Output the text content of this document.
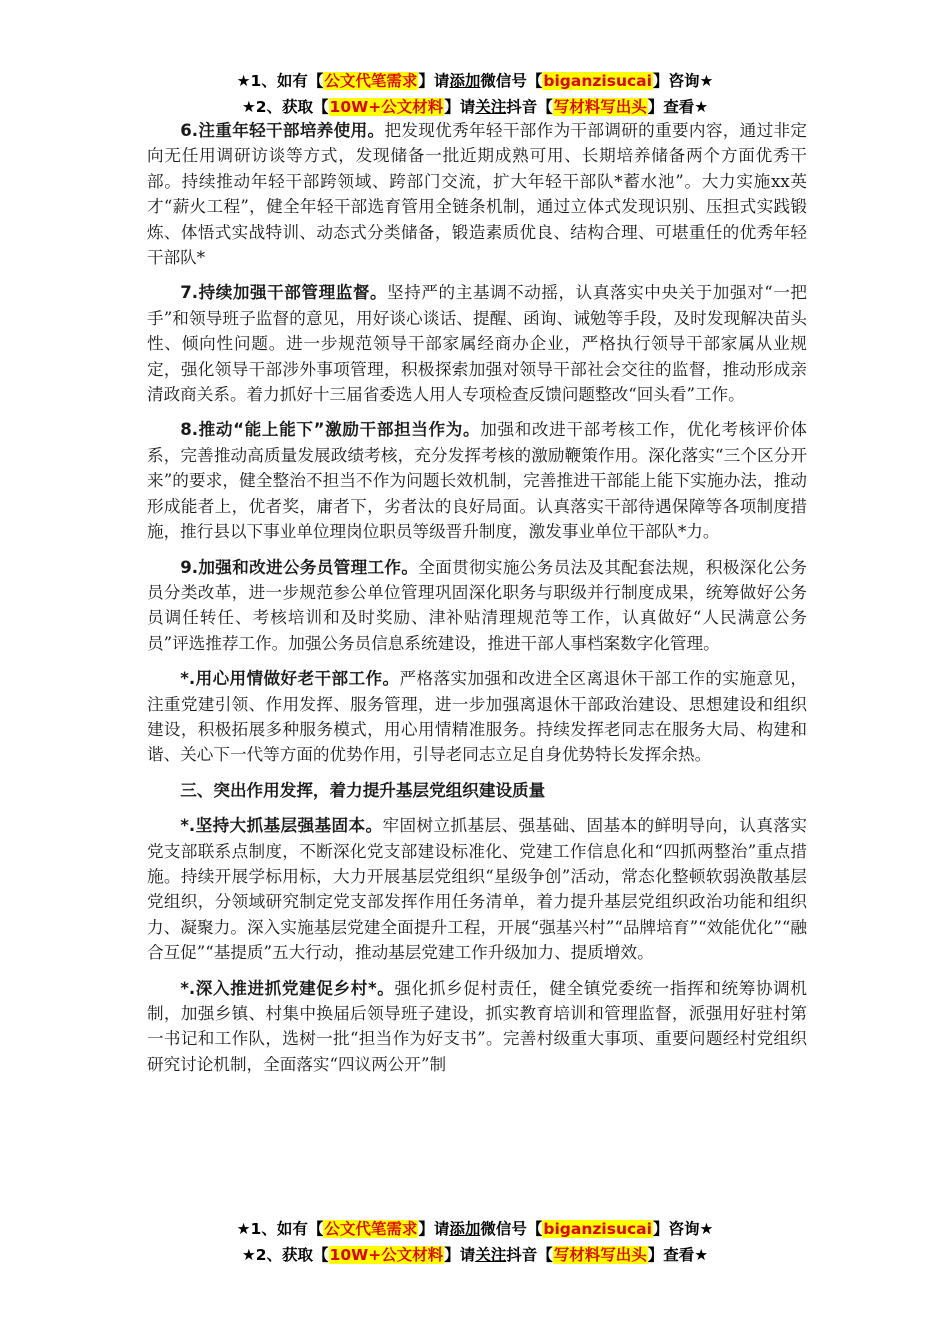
★1、如有【公文代笔需求】请添加微信号【biganzisucai】咨询★
★2、获取【10W+公文材料】请关注抖音【写材料写出头】查看★

6.注重年轻干部培养使用。把发现优秀年轻干部作为干部调研的重要内容，通过非定向无任用调研访谈等方式，发现储备一批近期成熟可用、长期培养储备两个方面优秀干部。持续推动年轻干部跨领域、跨部门交流，扩大年轻干部队*蓄水池”。大力实施xx英才“薪火工程”，健全年轻干部选育管用全链条机制，通过立体式发现识别、压担式实践锻炼、体悟式实战特训、动态式分类储备，锻造素质优良、结构合理、可堪重任的优秀年轻干部队*

7.持续加强干部管理监督。坚持严的主基调不动摇，认真落实中央关于加强对“一把手”和领导班子监督的意见，用好谈心谈话、提醒、函询、诫勉等手段，及时发现解决苗头性、倾向性问题。进一步规范领导干部家属经商办企业，严格执行领导干部家属从业规定，强化领导干部涉外事项管理，积极探索加强对领导干部社会交往的监督，推动形成亲清政商关系。着力抓好十三届省委选人用人专项检查反馈问题整改“回头看”工作。

8.推动“能上能下”激励干部担当作为。加强和改进干部考核工作，优化考核评价体系，完善推动高质量发展政绩考核，充分发挥考核的激励鞭策作用。深化落实“三个区分开来”的要求，健全整治不担当不作为问题长效机制，完善推进干部能上能下实施办法，推动形成能者上，优者奖，庸者下，劣者汰的良好局面。认真落实干部待遇保障等各项制度措施，推行县以下事业单位理岗位职员等级晋升制度，激发事业单位干部队*力。

9.加强和改进公务员管理工作。全面贯彻实施公务员法及其配套法规，积极深化公务员分类改革，进一步规范参公单位管理巩固深化职务与职级并行制度成果，统筹做好公务员调任转任、考核培训和及时奖励、津补贴清理规范等工作，认真做好“人民满意公务员”评选推荐工作。加强公务员信息系统建设，推进干部人事档案数字化管理。

*.用心用情做好老干部工作。严格落实加强和改进全区离退休干部工作的实施意见，注重党建引领、作用发挥、服务管理，进一步加强离退休干部政治建设、思想建设和组织建设，积极拓展多种服务模式，用心用情精准服务。持续发挥老同志在服务大局、构建和谐、关心下一代等方面的优势作用，引导老同志立足自身优势特长发挥余热。

三、突出作用发挥，着力提升基层党组织建设质量

*.坚持大抓基层强基固本。牢固树立抓基层、强基础、固基本的鲜明导向，认真落实党支部联系点制度，不断深化党支部建设标准化、党建工作信息化和“四抓两整治”重点措施。持续开展学标用标，大力开展基层党组织“星级争创”活动，常态化整顿软弱涣散基层党组织，分领域研究制定党支部发挥作用任务清单，着力提升基层党组织政治功能和组织力、凝聚力。深入实施基层党建全面提升工程，开展“强基兴村”“品牌培育”“效能优化”“融合互促”“基提质”五大行动，推动基层党建工作升级加力、提质增效。

*.深入推进抓党建促乡村*。强化抓乡促村责任，健全镇党委统一指挥和统筹协调机制，加强乡镇、村集中换届后领导班子建设，抓实教育培训和管理监督，派强用好驻村第一书记和工作队，选树一批“担当作为好支书”。完善村级重大事项、重要问题经村党组织研究讨论机制，全面落实“四议两公开”制

★1、如有【公文代笔需求】请添加微信号【biganzisucai】咨询★
★2、获取【10W+公文材料】请关注抖音【写材料写出头】查看★
